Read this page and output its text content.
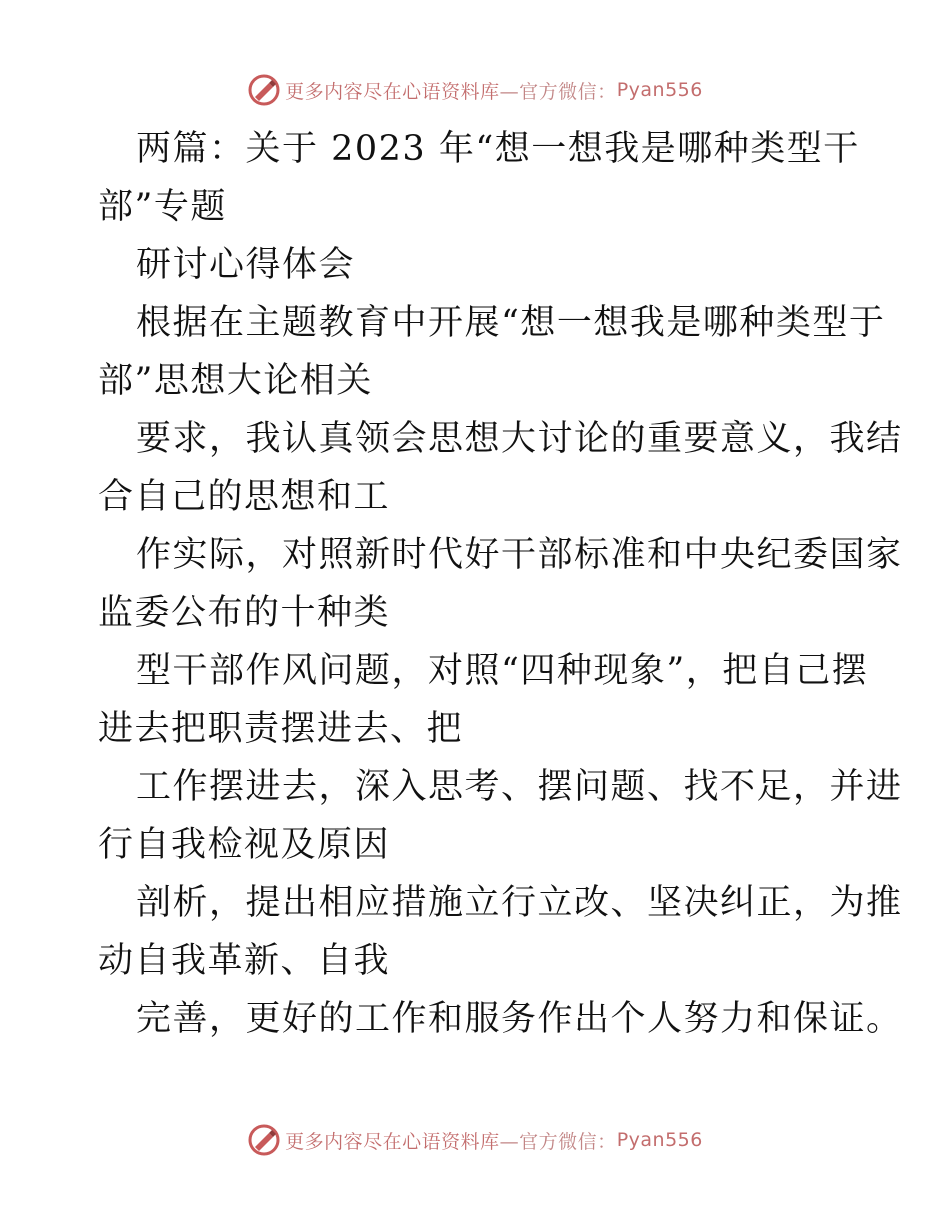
更多内容尽在心语资料库 —官方微信： Pyan556
两篇：关于 2023 年“想一想我是哪种类型干
部”专题
研讨心得体会
根据在主题教育中开展“想一想我是哪种类型于
部”思想大论相关
要求，我认真领会思想大讨论的重要意义，我结
合自己的思想和工
作实际，对照新时代好干部标准和中央纪委国家
监委公布的十种类
型干部作风问题，对照“四种现象”，把自己摆
进去把职责摆进去、把
工作摆进去，深入思考、摆问题、找不足，并进
行自我检视及原因
剖析，提出相应措施立行立改、坚决纠正，为推
动自我革新、自我
完善，更好的工作和服务作出个人努力和保证。
更多内容尽在心语资料库 —官方微信： Pyan556
